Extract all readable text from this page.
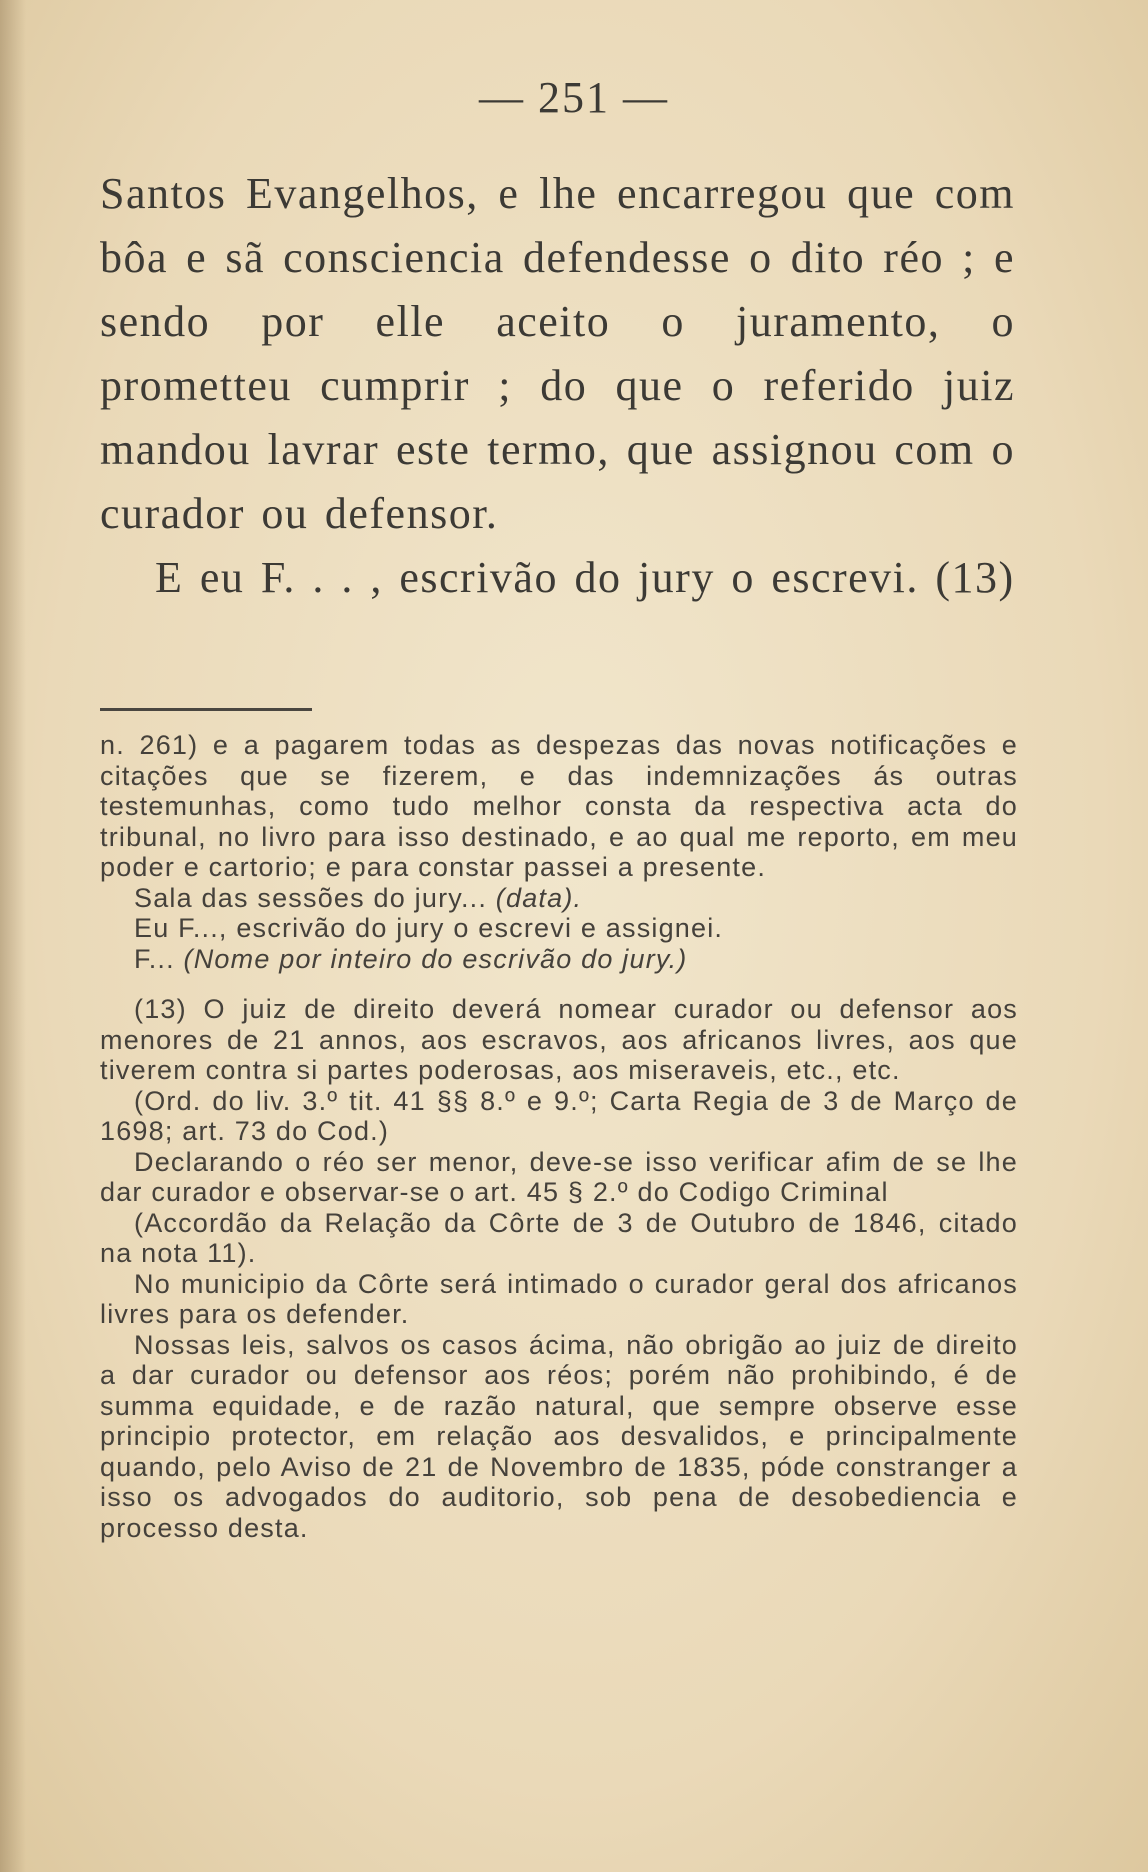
— 251 —

Santos Evangelhos, e lhe encarregou que com bôa e sã consciencia defendesse o dito réo ; e sendo por elle aceito o juramento, o prometteu cumprir ; do que o referido juiz mandou lavrar este termo, que assignou com o curador ou defensor.

E eu F. . . , escrivão do jury o escrevi. (13)

n. 261) e a pagarem todas as despezas das novas notificações e citações que se fizerem, e das indemnizações ás outras testemunhas, como tudo melhor consta da respectiva acta do tribunal, no livro para isso destinado, e ao qual me reporto, em meu poder e cartorio; e para constar passei a presente.

Sala das sessões do jury... (data).

Eu F..., escrivão do jury o escrevi e assignei.

F... (Nome por inteiro do escrivão do jury.)

(13) O juiz de direito deverá nomear curador ou defensor aos menores de 21 annos, aos escravos, aos africanos livres, aos que tiverem contra si partes poderosas, aos miseraveis, etc., etc.

(Ord. do liv. 3.º tit. 41 §§ 8.º e 9.º; Carta Regia de 3 de Março de 1698; art. 73 do Cod.)

Declarando o réo ser menor, deve-se isso verificar afim de se lhe dar curador e observar-se o art. 45 § 2.º do Codigo Criminal

(Accordão da Relação da Côrte de 3 de Outubro de 1846, citado na nota 11).

No municipio da Côrte será intimado o curador geral dos africanos livres para os defender.

Nossas leis, salvos os casos ácima, não obrigão ao juiz de direito a dar curador ou defensor aos réos; porém não prohibindo, é de summa equidade, e de razão natural, que sempre observe esse principio protector, em relação aos desvalidos, e principalmente quando, pelo Aviso de 21 de Novembro de 1835, póde constranger a isso os advogados do auditorio, sob pena de desobediencia e processo desta.
